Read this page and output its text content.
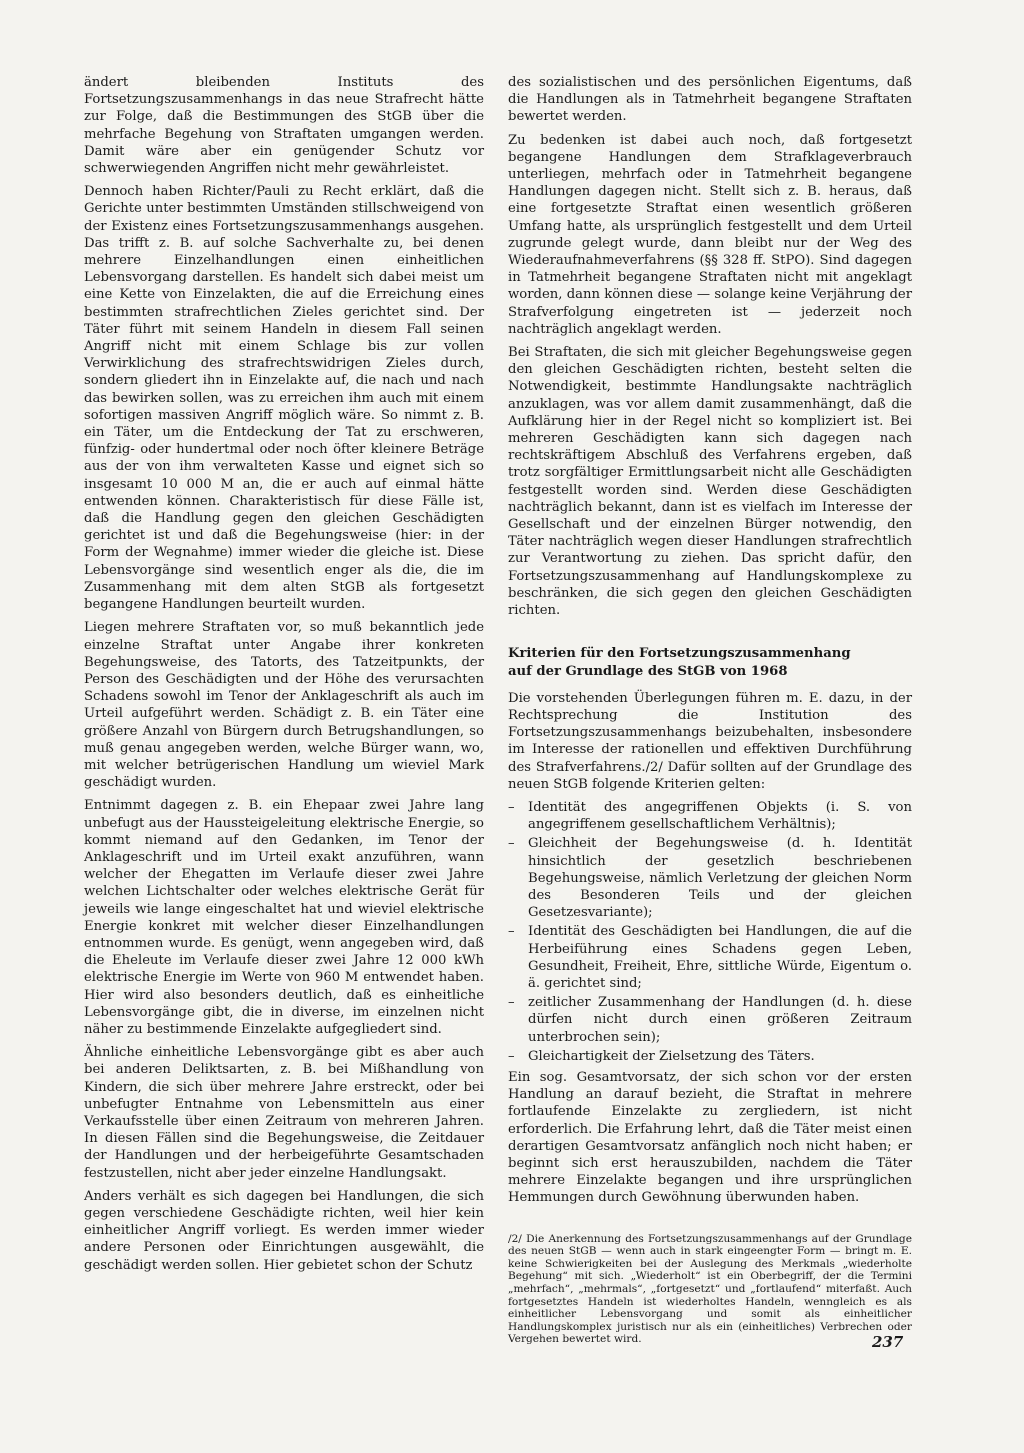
ändert bleibenden Instituts des Fortsetzungszusammenhangs in das neue Strafrecht hätte zur Folge, daß die Bestimmungen des StGB über die mehrfache Begehung von Straftaten umgangen werden. Damit wäre aber ein genügender Schutz vor schwerwiegenden Angriffen nicht mehr gewährleistet.

Dennoch haben Richter/Pauli zu Recht erklärt, daß die Gerichte unter bestimmten Umständen stillschweigend von der Existenz eines Fortsetzungszusammenhangs ausgehen. Das trifft z. B. auf solche Sachverhalte zu, bei denen mehrere Einzelhandlungen einen einheitlichen Lebensvorgang darstellen. Es handelt sich dabei meist um eine Kette von Einzelakten, die auf die Erreichung eines bestimmten strafrechtlichen Zieles gerichtet sind. Der Täter führt mit seinem Handeln in diesem Fall seinen Angriff nicht mit einem Schlage bis zur vollen Verwirklichung des strafrechtswidrigen Zieles durch, sondern gliedert ihn in Einzelakte auf, die nach und nach das bewirken sollen, was zu erreichen ihm auch mit einem sofortigen massiven Angriff möglich wäre. So nimmt z. B. ein Täter, um die Entdeckung der Tat zu erschweren, fünfzig- oder hundertmal oder noch öfter kleinere Beträge aus der von ihm verwalteten Kasse und eignet sich so insgesamt 10 000 M an, die er auch auf einmal hätte entwenden können. Charakteristisch für diese Fälle ist, daß die Handlung gegen den gleichen Geschädigten gerichtet ist und daß die Begehungsweise (hier: in der Form der Wegnahme) immer wieder die gleiche ist. Diese Lebensvorgänge sind wesentlich enger als die, die im Zusammenhang mit dem alten StGB als fortgesetzt begangene Handlungen beurteilt wurden.

Liegen mehrere Straftaten vor, so muß bekanntlich jede einzelne Straftat unter Angabe ihrer konkreten Begehungsweise, des Tatorts, des Tatzeitpunkts, der Person des Geschädigten und der Höhe des verursachten Schadens sowohl im Tenor der Anklageschrift als auch im Urteil aufgeführt werden. Schädigt z. B. ein Täter eine größere Anzahl von Bürgern durch Betrugshandlungen, so muß genau angegeben werden, welche Bürger wann, wo, mit welcher betrügerischen Handlung um wieviel Mark geschädigt wurden.

Entnimmt dagegen z. B. ein Ehepaar zwei Jahre lang unbefugt aus der Haussteigeleitung elektrische Energie, so kommt niemand auf den Gedanken, im Tenor der Anklageschrift und im Urteil exakt anzuführen, wann welcher der Ehegatten im Verlaufe dieser zwei Jahre welchen Lichtschalter oder welches elektrische Gerät für jeweils wie lange eingeschaltet hat und wieviel elektrische Energie konkret mit welcher dieser Einzelhandlungen entnommen wurde. Es genügt, wenn angegeben wird, daß die Eheleute im Verlaufe dieser zwei Jahre 12 000 kWh elektrische Energie im Werte von 960 M entwendet haben. Hier wird also besonders deutlich, daß es einheitliche Lebensvorgänge gibt, die in diverse, im einzelnen nicht näher zu bestimmende Einzelakte aufgegliedert sind.

Ähnliche einheitliche Lebensvorgänge gibt es aber auch bei anderen Deliktsarten, z. B. bei Mißhandlung von Kindern, die sich über mehrere Jahre erstreckt, oder bei unbefugter Entnahme von Lebensmitteln aus einer Verkaufsstelle über einen Zeitraum von mehreren Jahren. In diesen Fällen sind die Begehungsweise, die Zeitdauer der Handlungen und der herbeigeführte Gesamtschaden festzustellen, nicht aber jeder einzelne Handlungsakt.

Anders verhält es sich dagegen bei Handlungen, die sich gegen verschiedene Geschädigte richten, weil hier kein einheitlicher Angriff vorliegt. Es werden immer wieder andere Personen oder Einrichtungen ausgewählt, die geschädigt werden sollen. Hier gebietet schon der Schutz

des sozialistischen und des persönlichen Eigentums, daß die Handlungen als in Tatmehrheit begangene Straftaten bewertet werden.

Zu bedenken ist dabei auch noch, daß fortgesetzt begangene Handlungen dem Strafklageverbrauch unterliegen, mehrfach oder in Tatmehrheit begangene Handlungen dagegen nicht. Stellt sich z. B. heraus, daß eine fortgesetzte Straftat einen wesentlich größeren Umfang hatte, als ursprünglich festgestellt und dem Urteil zugrunde gelegt wurde, dann bleibt nur der Weg des Wiederaufnahmeverfahrens (§§ 328 ff. StPO). Sind dagegen in Tatmehrheit begangene Straftaten nicht mit angeklagt worden, dann können diese — solange keine Verjährung der Strafverfolgung eingetreten ist — jederzeit noch nachträglich angeklagt werden.

Bei Straftaten, die sich mit gleicher Begehungsweise gegen den gleichen Geschädigten richten, besteht selten die Notwendigkeit, bestimmte Handlungsakte nachträglich anzuklagen, was vor allem damit zusammenhängt, daß die Aufklärung hier in der Regel nicht so kompliziert ist. Bei mehreren Geschädigten kann sich dagegen nach rechtskräftigem Abschluß des Verfahrens ergeben, daß trotz sorgfältiger Ermittlungsarbeit nicht alle Geschädigten festgestellt worden sind. Werden diese Geschädigten nachträglich bekannt, dann ist es vielfach im Interesse der Gesellschaft und der einzelnen Bürger notwendig, den Täter nachträglich wegen dieser Handlungen strafrechtlich zur Verantwortung zu ziehen. Das spricht dafür, den Fortsetzungszusammenhang auf Handlungskomplexe zu beschränken, die sich gegen den gleichen Geschädigten richten.

Kriterien für den Fortsetzungszusammenhang
auf der Grundlage des StGB von 1968

Die vorstehenden Überlegungen führen m. E. dazu, in der Rechtsprechung die Institution des Fortsetzungszusammenhangs beizubehalten, insbesondere im Interesse der rationellen und effektiven Durchführung des Strafverfahrens./2/ Dafür sollten auf der Grundlage des neuen StGB folgende Kriterien gelten:

– Identität des angegriffenen Objekts (i. S. von angegriffenem gesellschaftlichem Verhältnis);
– Gleichheit der Begehungsweise (d. h. Identität hinsichtlich der gesetzlich beschriebenen Begehungsweise, nämlich Verletzung der gleichen Norm des Besonderen Teils und der gleichen Gesetzesvariante);
– Identität des Geschädigten bei Handlungen, die auf die Herbeiführung eines Schadens gegen Leben, Gesundheit, Freiheit, Ehre, sittliche Würde, Eigentum o. ä. gerichtet sind;
– zeitlicher Zusammenhang der Handlungen (d. h. diese dürfen nicht durch einen größeren Zeitraum unterbrochen sein);
– Gleichartigkeit der Zielsetzung des Täters.

Ein sog. Gesamtvorsatz, der sich schon vor der ersten Handlung an darauf bezieht, die Straftat in mehrere fortlaufende Einzelakte zu zergliedern, ist nicht erforderlich. Die Erfahrung lehrt, daß die Täter meist einen derartigen Gesamtvorsatz anfänglich noch nicht haben; er beginnt sich erst herauszubilden, nachdem die Täter mehrere Einzelakte begangen und ihre ursprünglichen Hemmungen durch Gewöhnung überwunden haben.

/2/ Die Anerkennung des Fortsetzungszusammenhangs auf der Grundlage des neuen StGB — wenn auch in stark eingeengter Form — bringt m. E. keine Schwierigkeiten bei der Auslegung des Merkmals „wiederholte Begehung“ mit sich. „Wiederholt“ ist ein Oberbegriff, der die Termini „mehrfach“, „mehrmals“, „fortgesetzt“ und „fortlaufend“ miterfaßt. Auch fortgesetztes Handeln ist wiederholtes Handeln, wenngleich es als einheitlicher Lebensvorgang und somit als einheitlicher Handlungskomplex juristisch nur als ein (einheitliches) Verbrechen oder Vergehen bewertet wird.	237
